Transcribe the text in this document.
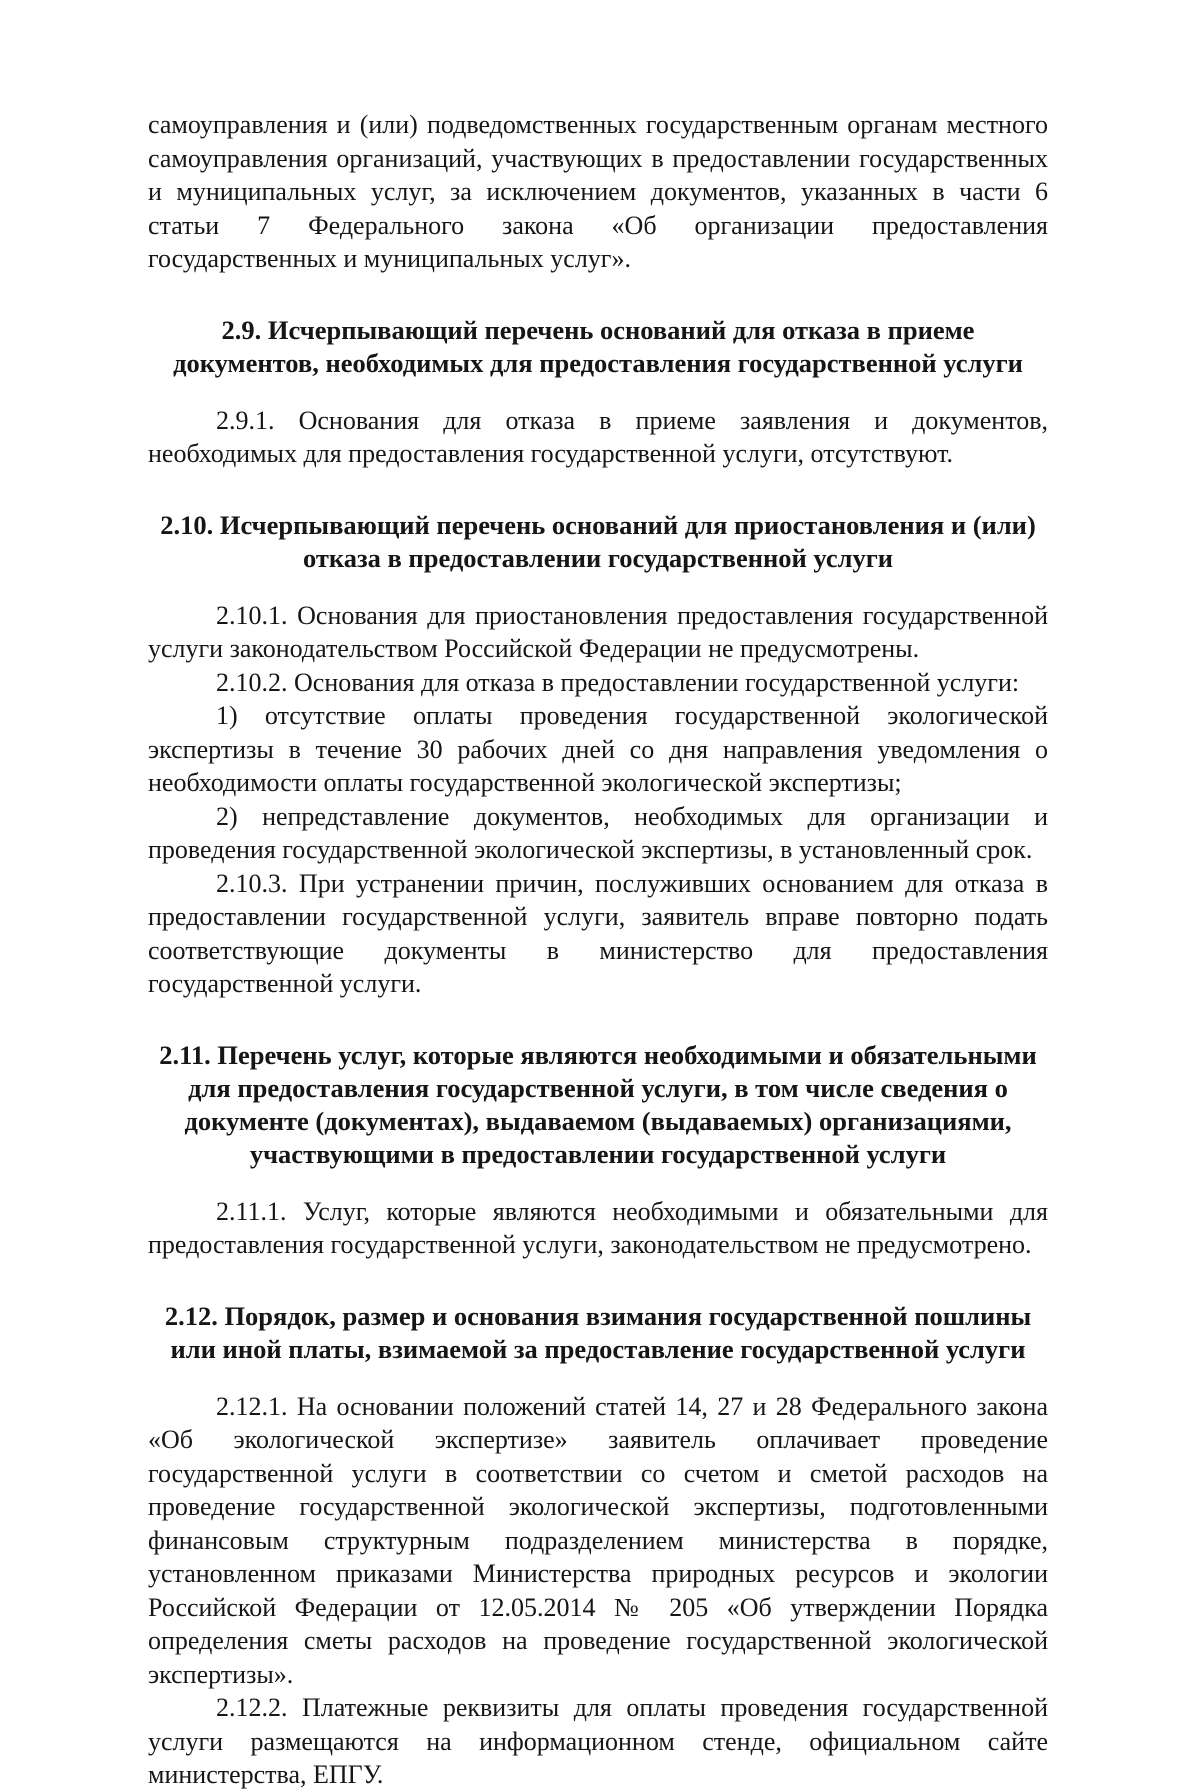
самоуправления и (или) подведомственных государственным органам местного самоуправления организаций, участвующих в предоставлении государственных и муниципальных услуг, за исключением документов, указанных в части 6 статьи 7 Федерального закона «Об организации предоставления государственных и муниципальных услуг».

2.9. Исчерпывающий перечень оснований для отказа в приеме документов, необходимых для предоставления государственной услуги

2.9.1. Основания для отказа в приеме заявления и документов, необходимых для предоставления государственной услуги, отсутствуют.

2.10. Исчерпывающий перечень оснований для приостановления и (или) отказа в предоставлении государственной услуги

2.10.1. Основания для приостановления предоставления государственной услуги законодательством Российской Федерации не предусмотрены.

2.10.2. Основания для отказа в предоставлении государственной услуги:

1) отсутствие оплаты проведения государственной экологической экспертизы в течение 30 рабочих дней со дня направления уведомления о необходимости оплаты государственной экологической экспертизы;

2) непредставление документов, необходимых для организации и проведения государственной экологической экспертизы, в установленный срок.

2.10.3. При устранении причин, послуживших основанием для отказа в предоставлении государственной услуги, заявитель вправе повторно подать соответствующие документы в министерство для предоставления государственной услуги.

2.11. Перечень услуг, которые являются необходимыми и обязательными для предоставления государственной услуги, в том числе сведения о документе (документах), выдаваемом (выдаваемых) организациями, участвующими в предоставлении государственной услуги

2.11.1. Услуг, которые являются необходимыми и обязательными для предоставления государственной услуги, законодательством не предусмотрено.

2.12. Порядок, размер и основания взимания государственной пошлины или иной платы, взимаемой за предоставление государственной услуги

2.12.1. На основании положений статей 14, 27 и 28 Федерального закона «Об экологической экспертизе» заявитель оплачивает проведение государственной услуги в соответствии со счетом и сметой расходов на проведение государственной экологической экспертизы, подготовленными финансовым структурным подразделением министерства в порядке, установленном приказами Министерства природных ресурсов и экологии Российской Федерации от 12.05.2014 № 205 «Об утверждении Порядка определения сметы расходов на проведение государственной экологической экспертизы».

2.12.2. Платежные реквизиты для оплаты проведения государственной услуги размещаются на информационном стенде, официальном сайте министерства, ЕПГУ.
